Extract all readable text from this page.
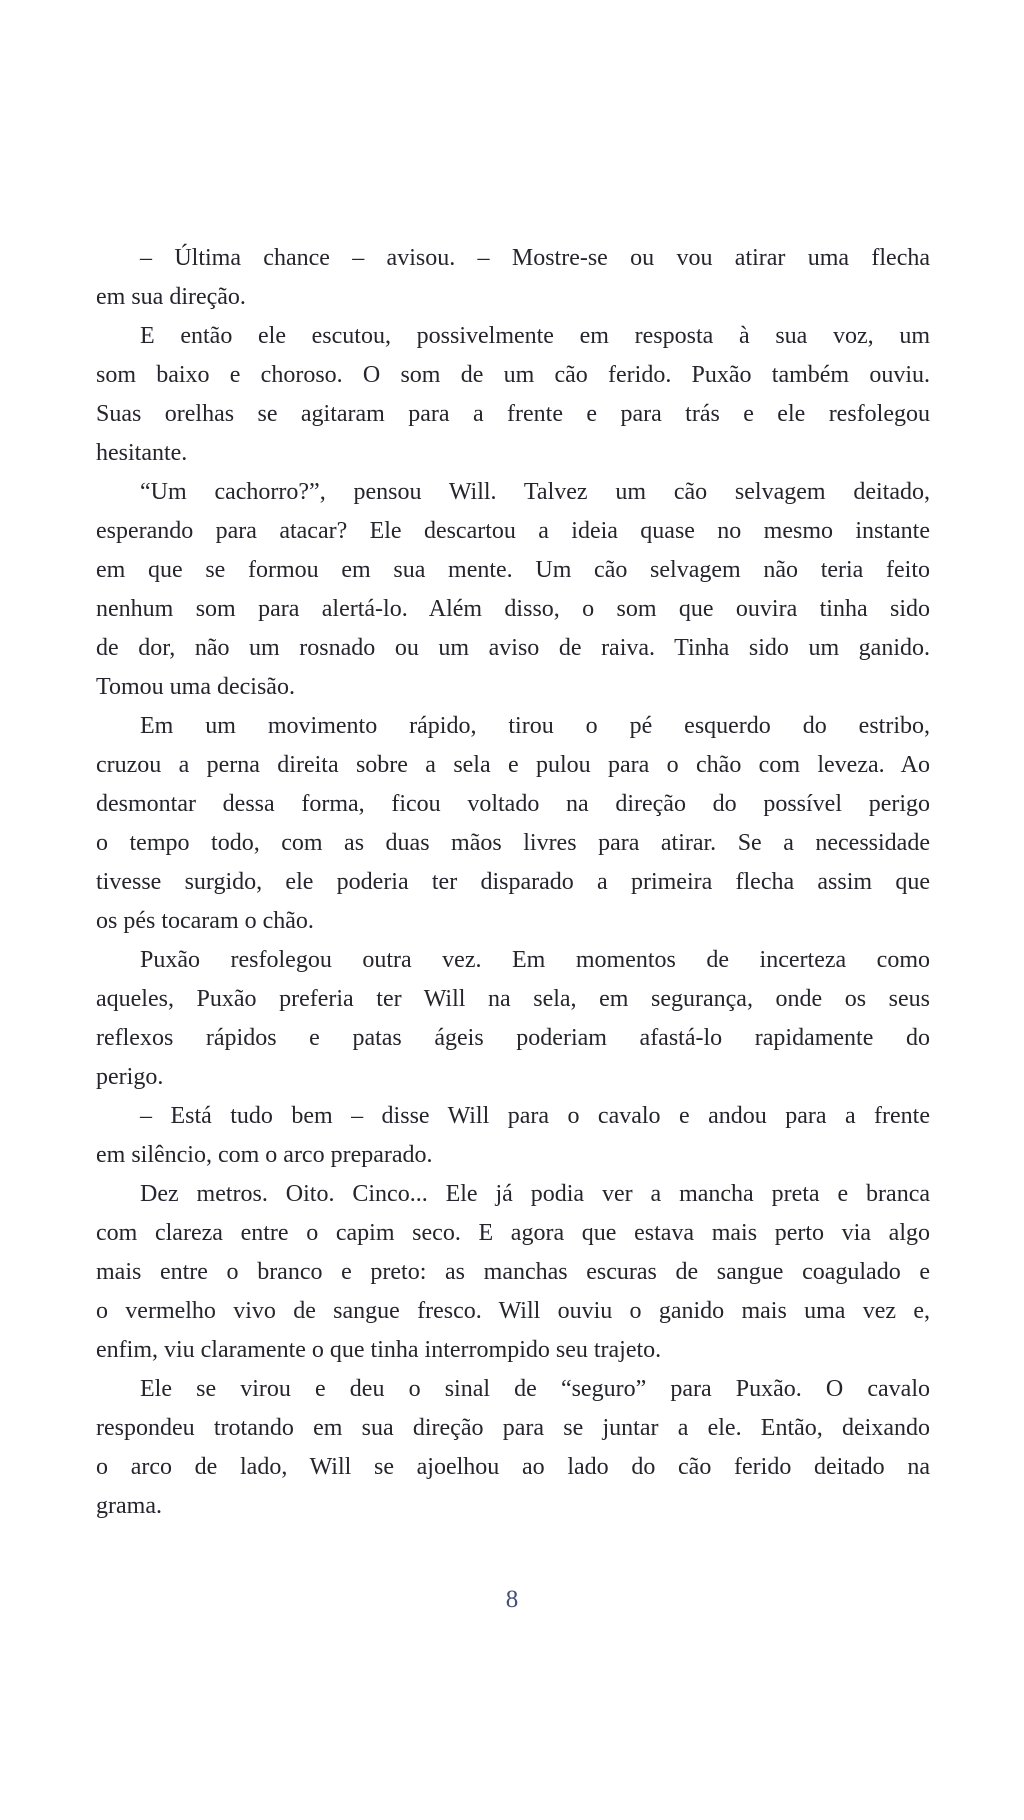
– Última chance – avisou. – Mostre-se ou vou atirar uma flecha
em sua direção.

E então ele escutou, possivelmente em resposta à sua voz, um
som baixo e choroso. O som de um cão ferido. Puxão também ouviu.
Suas orelhas se agitaram para a frente e para trás e ele resfolegou
hesitante.

“Um cachorro?”, pensou Will. Talvez um cão selvagem deitado,
esperando para atacar? Ele descartou a ideia quase no mesmo instante
em que se formou em sua mente. Um cão selvagem não teria feito
nenhum som para alertá-lo. Além disso, o som que ouvira tinha sido
de dor, não um rosnado ou um aviso de raiva. Tinha sido um ganido.
Tomou uma decisão.

Em um movimento rápido, tirou o pé esquerdo do estribo,
cruzou a perna direita sobre a sela e pulou para o chão com leveza. Ao
desmontar dessa forma, ficou voltado na direção do possível perigo
o tempo todo, com as duas mãos livres para atirar. Se a necessidade
tivesse surgido, ele poderia ter disparado a primeira flecha assim que
os pés tocaram o chão.

Puxão resfolegou outra vez. Em momentos de incerteza como
aqueles, Puxão preferia ter Will na sela, em segurança, onde os seus
reflexos rápidos e patas ágeis poderiam afastá-lo rapidamente do
perigo.

– Está tudo bem – disse Will para o cavalo e andou para a frente
em silêncio, com o arco preparado.

Dez metros. Oito. Cinco... Ele já podia ver a mancha preta e branca
com clareza entre o capim seco. E agora que estava mais perto via algo
mais entre o branco e preto: as manchas escuras de sangue coagulado e
o vermelho vivo de sangue fresco. Will ouviu o ganido mais uma vez e,
enfim, viu claramente o que tinha interrompido seu trajeto.

Ele se virou e deu o sinal de “seguro” para Puxão. O cavalo
respondeu trotando em sua direção para se juntar a ele. Então, deixando
o arco de lado, Will se ajoelhou ao lado do cão ferido deitado na
grama.

8
